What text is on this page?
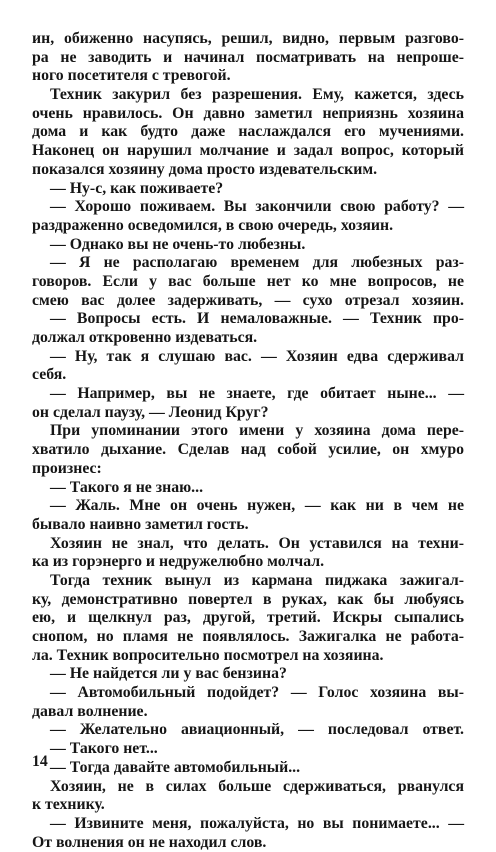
ин, обиженно насупясь, решил, видно, первым разгово-
ра не заводить и начинал посматривать на непроше-
ного посетителя с тревогой.
Техник закурил без разрешения. Ему, кажется, здесь
очень нравилось. Он давно заметил неприязнь хозяина
дома и как будто даже наслаждался его мучениями.
Наконец он нарушил молчание и задал вопрос, который
показался хозяину дома просто издевательским.
— Ну-с, как поживаете?
— Хорошо поживаем. Вы закончили свою работу? —
раздраженно осведомился, в свою очередь, хозяин.
— Однако вы не очень-то любезны.
— Я не располагаю временем для любезных раз-
говоров. Если у вас больше нет ко мне вопросов, не
смею вас долее задерживать, — сухо отрезал хозяин.
— Вопросы есть. И немаловажные. — Техник про-
должал откровенно издеваться.
— Ну, так я слушаю вас. — Хозяин едва сдерживал
себя.
— Например, вы не знаете, где обитает ныне... —
он сделал паузу, — Леонид Круг?
При упоминании этого имени у хозяина дома пере-
хватило дыхание. Сделав над собой усилие, он хмуро
произнес:
— Такого я не знаю...
— Жаль. Мне он очень нужен, — как ни в чем не
бывало наивно заметил гость.
Хозяин не знал, что делать. Он уставился на техни-
ка из горэнерго и недружелюбно молчал.
Тогда техник вынул из кармана пиджака зажигал-
ку, демонстративно повертел в руках, как бы любуясь
ею, и щелкнул раз, другой, третий. Искры сыпались
снопом, но пламя не появлялось. Зажигалка не работа-
ла. Техник вопросительно посмотрел на хозяина.
— Не найдется ли у вас бензина?
— Автомобильный подойдет? — Голос хозяина вы-
давал волнение.
— Желательно авиационный, — последовал ответ.
— Такого нет...
— Тогда давайте автомобильный...
Хозяин, не в силах больше сдерживаться, рванулся
к технику.
— Извините меня, пожалуйста, но вы понимаете... —
От волнения он не находил слов.
14
